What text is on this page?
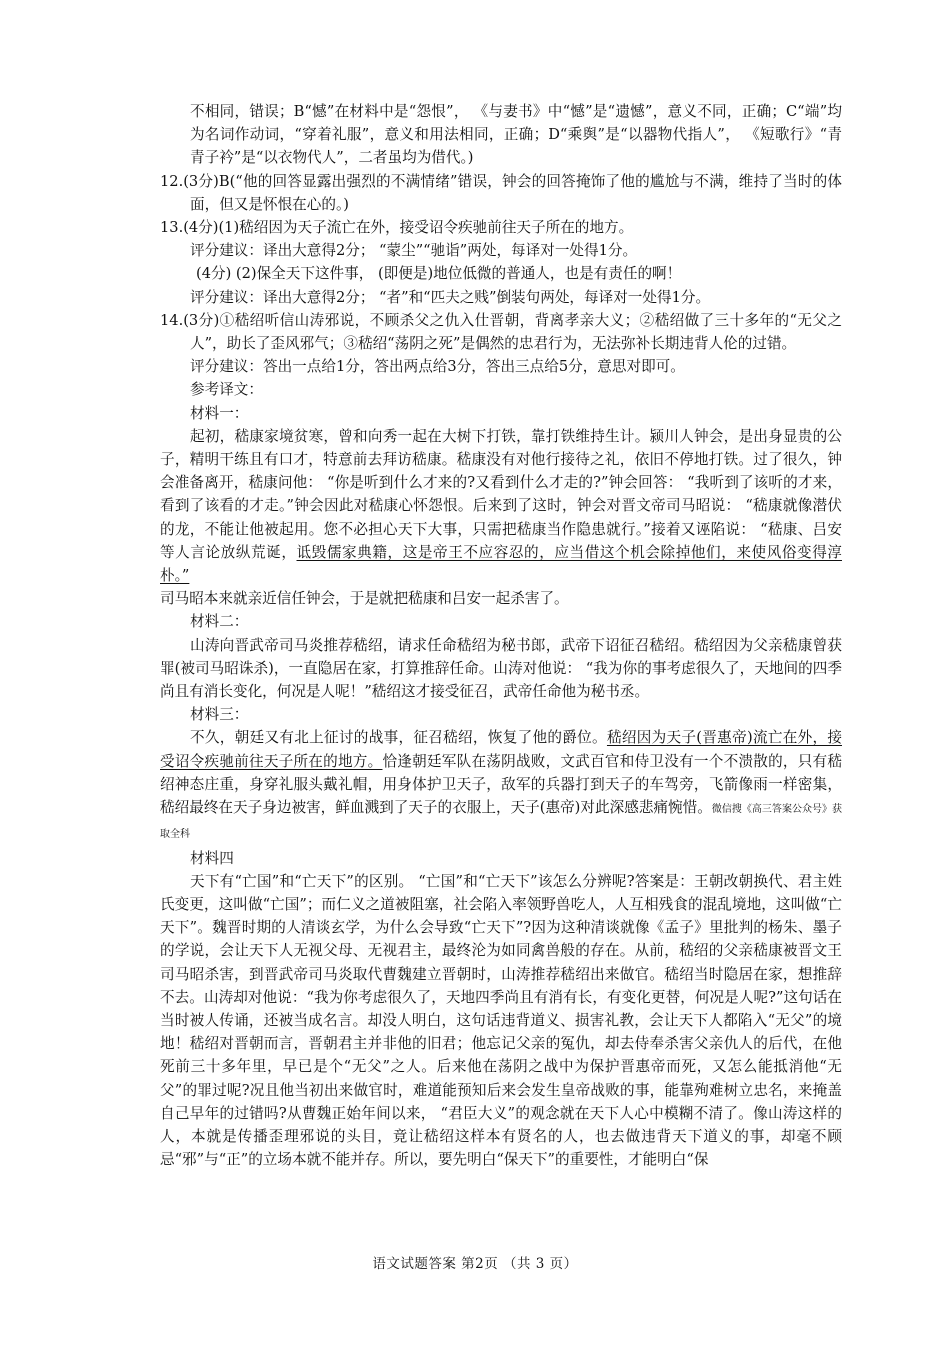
不相同，错误；B“憾”在材料中是“怨恨”， 《与妻书》中“憾”是“遗憾”，意义不同，正确；C“端”均为名词作动词，“穿着礼服”，意义和用法相同，正确；D“乘舆”是“以器物代指人”， 《短歌行》“青青子衿”是“以衣物代人”，二者虽均为借代。)

12.(3分)B(“他的回答显露出强烈的不满情绪”错误，钟会的回答掩饰了他的尴尬与不满，维持了当时的体面，但又是怀恨在心的。)

13.(4分)(1)嵇绍因为天子流亡在外，接受诏令疾驰前往天子所在的地方。

评分建议：译出大意得2分； “蒙尘”“驰诣”两处，每译对一处得1分。

(4分) (2)保全天下这件事， (即便是)地位低微的普通人，也是有责任的啊！

评分建议：译出大意得2分； “者”和“匹夫之贱”倒装句两处，每译对一处得1分。

14.(3分)①嵇绍听信山涛邪说，不顾杀父之仇入仕晋朝，背离孝亲大义；②嵇绍做了三十多年的“无父之人”，助长了歪风邪气；③嵇绍“荡阴之死”是偶然的忠君行为，无法弥补长期违背人伦的过错。

评分建议：答出一点给1分，答出两点给3分，答出三点给5分，意思对即可。

参考译文：

材料一：

起初，嵇康家境贫寒，曾和向秀一起在大树下打铁，靠打铁维持生计。颍川人钟会，是出身显贵的公子，精明干练且有口才，特意前去拜访嵇康。嵇康没有对他行接待之礼，依旧不停地打铁。过了很久，钟会准备离开，嵇康问他： “你是听到什么才来的?又看到什么才走的?”钟会回答： “我听到了该听的才来，看到了该看的才走。”钟会因此对嵇康心怀怨恨。后来到了这时，钟会对晋文帝司马昭说： “嵇康就像潜伏的龙，不能让他被起用。您不必担心天下大事，只需把嵇康当作隐患就行。”接着又诬陷说： “嵇康、吕安等人言论放纵荒诞，诋毁儒家典籍，这是帝王不应容忍的，应当借这个机会除掉他们，来使风俗变得淳朴。”

司马昭本来就亲近信任钟会，于是就把嵇康和吕安一起杀害了。

材料二：

山涛向晋武帝司马炎推荐嵇绍，请求任命嵇绍为秘书郎，武帝下诏征召嵇绍。嵇绍因为父亲嵇康曾获罪(被司马昭诛杀)，一直隐居在家，打算推辞任命。山涛对他说： “我为你的事考虑很久了，天地间的四季尚且有消长变化，何况是人呢！”嵇绍这才接受征召，武帝任命他为秘书丞。

材料三：

不久，朝廷又有北上征讨的战事，征召嵇绍，恢复了他的爵位。嵇绍因为天子(晋惠帝)流亡在外，接受诏令疾驰前往天子所在的地方。恰逢朝廷军队在荡阴战败，文武百官和侍卫没有一个不溃散的，只有嵇绍神态庄重，身穿礼服头戴礼帽，用身体护卫天子，敌军的兵器打到天子的车驾旁，飞箭像雨一样密集，嵇绍最终在天子身边被害，鲜血溅到了天子的衣服上，天子(惠帝)对此深感悲痛惋惜。微信搜《高三答案公众号》获取全科

材料四

天下有“亡国”和“亡天下”的区别。 “亡国”和“亡天下”该怎么分辨呢?答案是：王朝改朝换代、君主姓氏变更，这叫做“亡国”；而仁义之道被阻塞，社会陷入率领野兽吃人，人互相残食的混乱境地，这叫做“亡天下”。魏晋时期的人清谈玄学，为什么会导致“亡天下”?因为这种清谈就像《孟子》里批判的杨朱、墨子的学说，会让天下人无视父母、无视君主，最终沦为如同禽兽般的存在。从前，嵇绍的父亲嵇康被晋文王司马昭杀害，到晋武帝司马炎取代曹魏建立晋朝时，山涛推荐嵇绍出来做官。嵇绍当时隐居在家，想推辞不去。山涛却对他说：“我为你考虑很久了，天地四季尚且有消有长，有变化更替，何况是人呢?”这句话在当时被人传诵，还被当成名言。却没人明白，这句话违背道义、损害礼教，会让天下人都陷入“无父”的境地！嵇绍对晋朝而言，晋朝君主并非他的旧君；他忘记父亲的冤仇，却去侍奉杀害父亲仇人的后代，在他死前三十多年里，早已是个“无父”之人。后来他在荡阴之战中为保护晋惠帝而死，又怎么能抵消他“无父”的罪过呢?况且他当初出来做官时，难道能预知后来会发生皇帝战败的事，能靠殉难树立忠名，来掩盖自己早年的过错吗?从曹魏正始年间以来， “君臣大义”的观念就在天下人心中模糊不清了。像山涛这样的人，本就是传播歪理邪说的头目，竟让嵇绍这样本有贤名的人，也去做违背天下道义的事，却毫不顾忌“邪”与“正”的立场本就不能并存。所以，要先明白“保天下”的重要性，才能明白“保

语文试题答案 第2页 （共 3 页）
